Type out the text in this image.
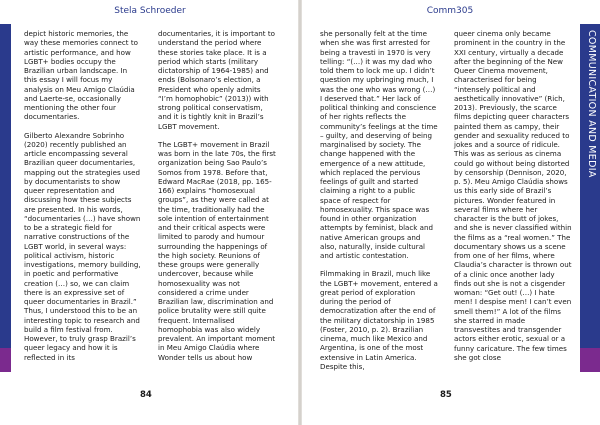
COMMUNICATION AND MEDIA
Stela Schroeder	Comm305

depict historic memories, the way these memories connect to artistic performance, and how LGBT+ bodies occupy the Brazilian urban landscape. In this essay I will focus my analysis on Meu Amigo Claúdia and Laerte-se, occasionally mentioning the other four documentaries.

Gilberto Alexandre Sobrinho (2020) recently published an article encompassing several Brazilian queer documentaries, mapping out the strategies used by documentarists to show queer representation and discussing how these subjects are presented. In his words, “documentaries (…) have shown to be a strategic field for narrative constructions of the LGBT world, in several ways: political activism, historic investigations, memory building, in poetic and performative creation (…) so, we can claim there is an expressive set of queer documentaries in Brazil.” Thus, I understood this to be an interesting topic to research and build a film festival from. However, to truly grasp Brazil’s queer legacy and how it is reflected in its

documentaries, it is important to understand the period where these stories take place. It is a period which starts (military dictatorship of 1964-1985) and ends (Bolsonaro’s election, a President who openly admits “I’m homophobic” (2013)) with strong political conservatism, and it is tightly knit in Brazil’s LGBT movement.

The LGBT+ movement in Brazil was born in the late 70s, the first organization being Sao Paulo’s Somos from 1978. Before that, Edward MacRae (2018, pp. 165-166) explains “homosexual groups”, as they were called at the time, traditionally had the sole intention of entertainment and their critical aspects were limited to parody and humour surrounding the happenings of the high society. Reunions of these groups were generally undercover, because while homosexuality was not considered a crime under Brazilian law, discrimination and police brutality were still quite frequent. Internalised homophobia was also widely prevalent. An important moment in Meu Amigo Claúdia where Wonder tells us about how

she personally felt at the time when she was first arrested for being a travesti in 1970 is very telling: “(…) it was my dad who told them to lock me up. I didn’t question my upbringing much, I was the one who was wrong (…) I deserved that.” Her lack of political thinking and conscience of her rights reflects the community’s feelings at the time – guilty, and deserving of being marginalised by society. The change happened with the emergence of a new attitude, which replaced the pervious feelings of guilt and started claiming a right to a public space of respect for homosexuality. This space was found in other organization attempts by feminist, black and native American groups and also, naturally, inside cultural and artistic contestation.

Filmmaking in Brazil, much like the LGBT+ movement, entered a great period of exploration during the period of democratization after the end of the military dictatorship in 1985 (Foster, 2010, p. 2). Brazilian cinema, much like Mexico and Argentina, is one of the most extensive in Latin America. Despite this,

queer cinema only became prominent in the country in the XXI century, virtually a decade after the beginning of the New Queer Cinema movement, characterised for being “intensely political and aesthetically innovative” (Rich, 2013). Previously, the scarce films depicting queer characters painted them as campy, their gender and sexuality reduced to jokes and a source of ridicule. This was as serious as cinema could go without being distorted by censorship (Dennison, 2020, p. 5). Meu Amigo Claúdia shows us this early side of Brazil’s pictures. Wonder featured in several films where her character is the butt of jokes, and she is never classified within the films as a “real women.” The documentary shows us a scene from one of her films, where Claudia’s character is thrown out of a clinic once another lady finds out she is not a cisgender woman: “Get out! (…) I hate men! I despise men! I can’t even smell them!” A lot of the films she starred in made transvestites and transgender actors either erotic, sexual or a funny caricature. The few times she got close

84	85
